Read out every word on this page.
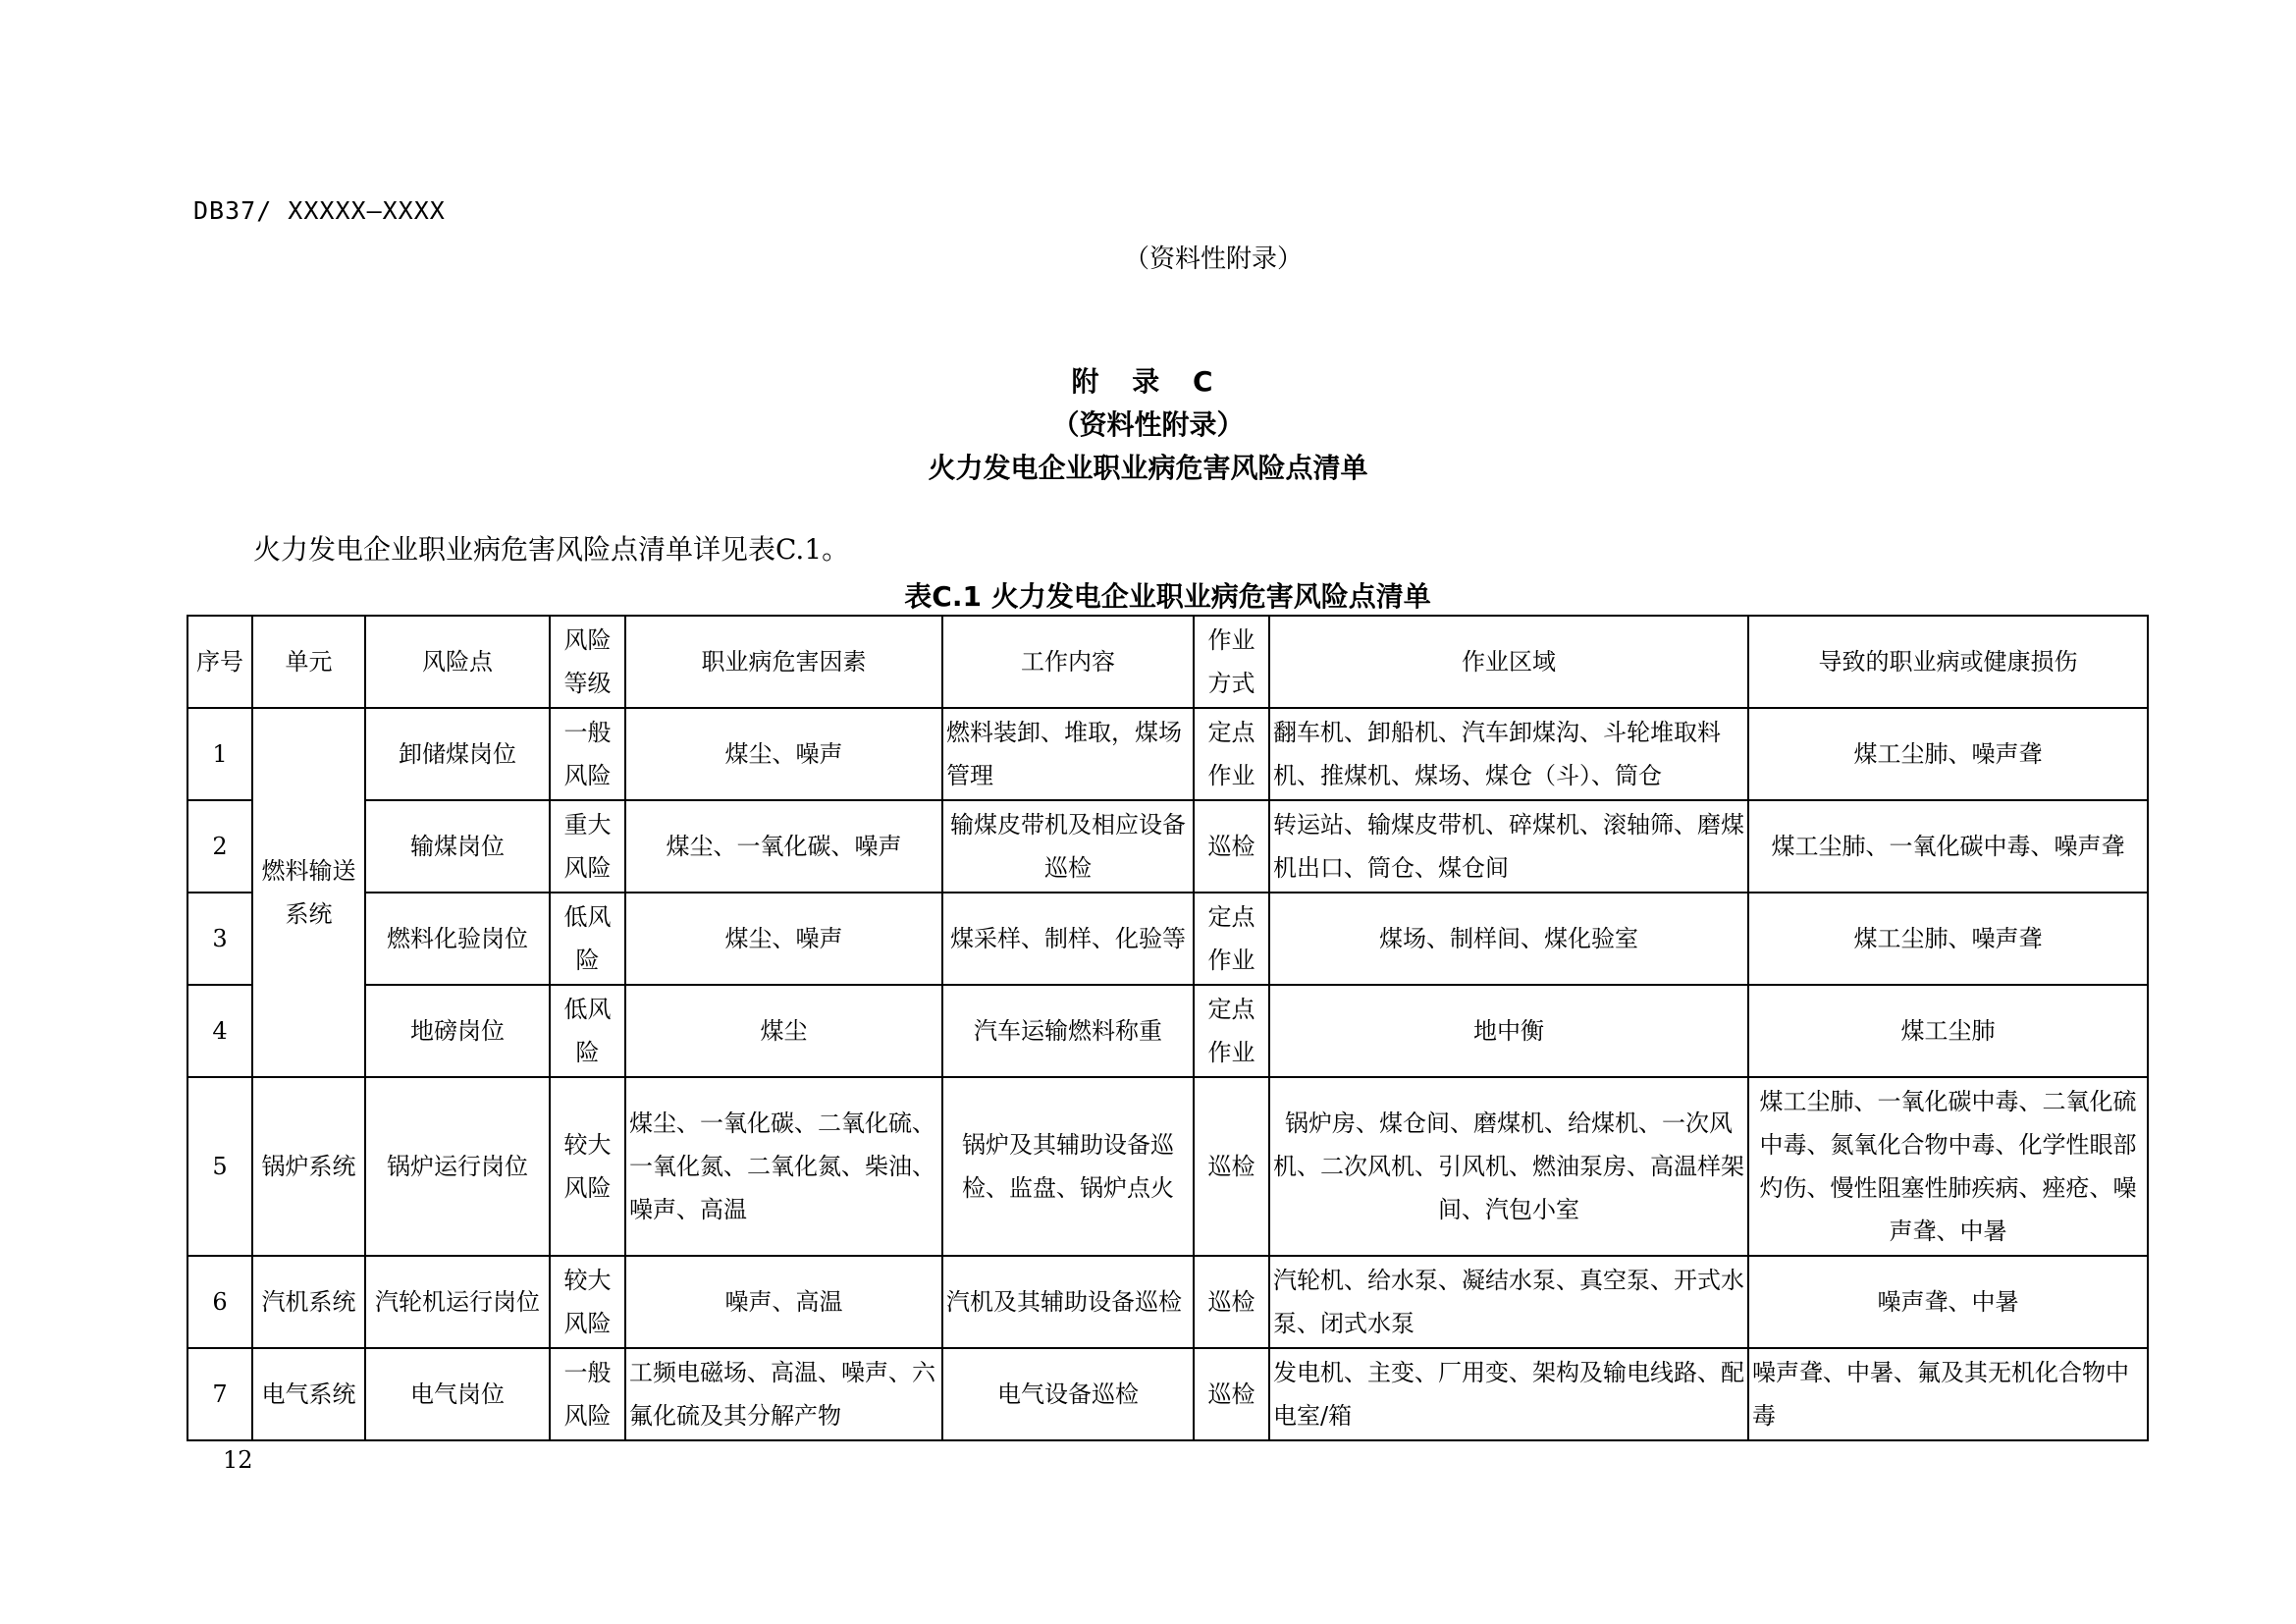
DB37/ XXXXX—XXXX
（资料性附录）
附 录 C
（资料性附录）
火力发电企业职业病危害风险点清单
火力发电企业职业病危害风险点清单详见表C.1。
表C.1 火力发电企业职业病危害风险点清单
序号	单元	风险点	风险等级	职业病危害因素	工作内容	作业方式	作业区域	导致的职业病或健康损伤
1	燃料输送系统	卸储煤岗位	一般风险	煤尘、噪声	燃料装卸、堆取，煤场管理	定点作业	翻车机、卸船机、汽车卸煤沟、斗轮堆取料机、推煤机、煤场、煤仓（斗）、筒仓	煤工尘肺、噪声聋
2		输煤岗位	重大风险	煤尘、一氧化碳、噪声	输煤皮带机及相应设备巡检	巡检	转运站、输煤皮带机、碎煤机、滚轴筛、磨煤机出口、筒仓、煤仓间	煤工尘肺、一氧化碳中毒、噪声聋
3		燃料化验岗位	低风险	煤尘、噪声	煤采样、制样、化验等	定点作业	煤场、制样间、煤化验室	煤工尘肺、噪声聋
4		地磅岗位	低风险	煤尘	汽车运输燃料称重	定点作业	地中衡	煤工尘肺
5	锅炉系统	锅炉运行岗位	较大风险	煤尘、一氧化碳、二氧化硫、一氧化氮、二氧化氮、柴油、噪声、高温	锅炉及其辅助设备巡检、监盘、锅炉点火	巡检	锅炉房、煤仓间、磨煤机、给煤机、一次风机、二次风机、引风机、燃油泵房、高温样架间、汽包小室	煤工尘肺、一氧化碳中毒、二氧化硫中毒、氮氧化合物中毒、化学性眼部灼伤、慢性阻塞性肺疾病、痤疮、噪声聋、中暑
6	汽机系统	汽轮机运行岗位	较大风险	噪声、高温	汽机及其辅助设备巡检	巡检	汽轮机、给水泵、凝结水泵、真空泵、开式水泵、闭式水泵	噪声聋、中暑
7	电气系统	电气岗位	一般风险	工频电磁场、高温、噪声、六氟化硫及其分解产物	电气设备巡检	巡检	发电机、主变、厂用变、架构及输电线路、配电室/箱	噪声聋、中暑、氟及其无机化合物中毒
12
